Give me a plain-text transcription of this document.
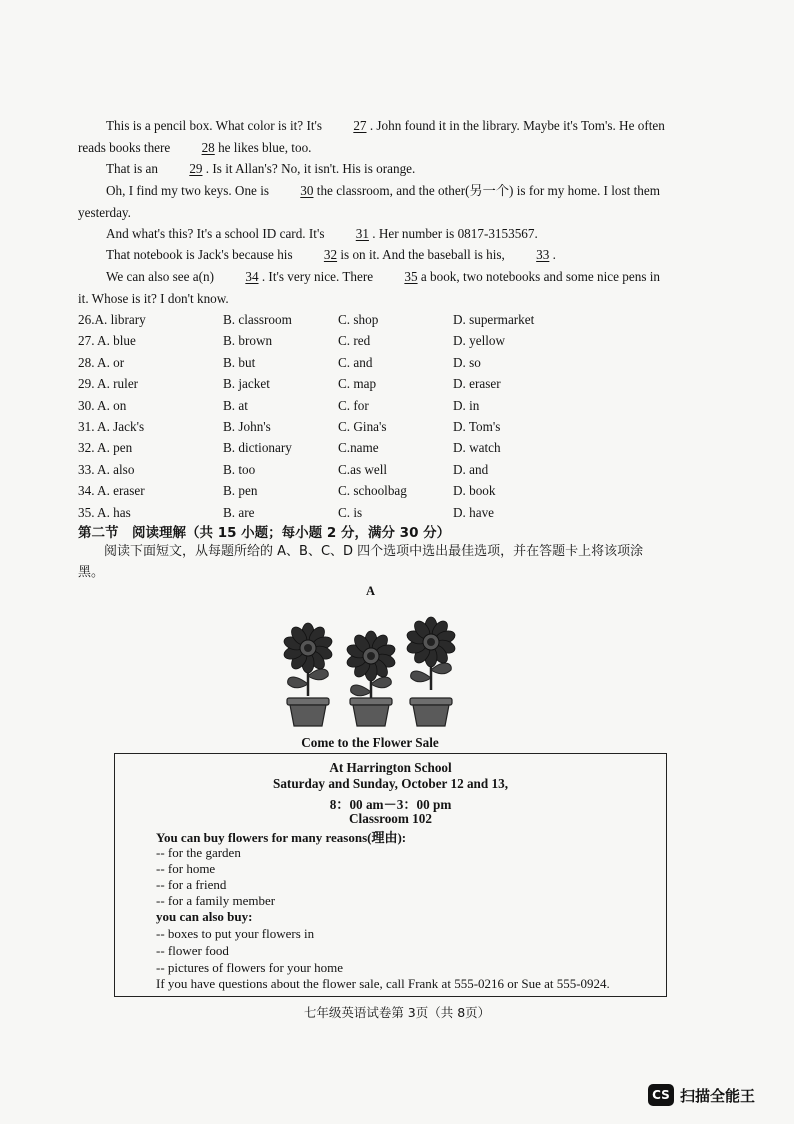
This is a pencil box. What color is it? It's 27 . John found it in the library. Maybe it's Tom's. He often reads books there 28 he likes blue, too.
That is an 29 . Is it Allan's? No, it isn't. His is orange.
Oh, I find my two keys. One is 30 the classroom, and the other(另一个) is for my home. I lost them yesterday.
And what's this? It's a school ID card. It's 31 . Her number is 0817-3153567.
That notebook is Jack's because his 32 is on it. And the baseball is his, 33 .
We can also see a(n) 34 . It's very nice. There 35 a book, two notebooks and some nice pens in it. Whose is it? I don't know.
26.A. library	B. classroom	C. shop	D. supermarket
27. A. blue	B. brown	C. red	D. yellow
28. A. or	B. but	C. and	D. so
29. A. ruler	B. jacket	C. map	D. eraser
30. A. on	B. at	C. for	D. in
31. A. Jack's	B. John's	C. Gina's	D. Tom's
32. A. pen	B. dictionary	C.name	D. watch
33. A. also	B. too	C.as well	D. and
34. A. eraser	B. pen	C. schoolbag	D. book
35. A. has	B. are	C. is	D. have
第二节　阅读理解（共 15 小题；每小题 2 分，满分 30 分）
阅读下面短文，从每题所给的 A、B、C、D 四个选项中选出最佳选项，并在答题卡上将该项涂黑。
A
Come to the Flower Sale
At Harrington School
Saturday and Sunday, October 12 and 13,
8：00 am－3：00 pm
Classroom 102
You can buy flowers for many reasons(理由):
-- for the garden
-- for home
-- for a friend
-- for a family member
you can also buy:
-- boxes to put your flowers in
-- flower food
-- pictures of flowers for your home
If you have questions about the flower sale, call Frank at 555-0216 or Sue at 555-0924.
七年级英语试卷第 3页（共 8页）
CS 扫描全能王
